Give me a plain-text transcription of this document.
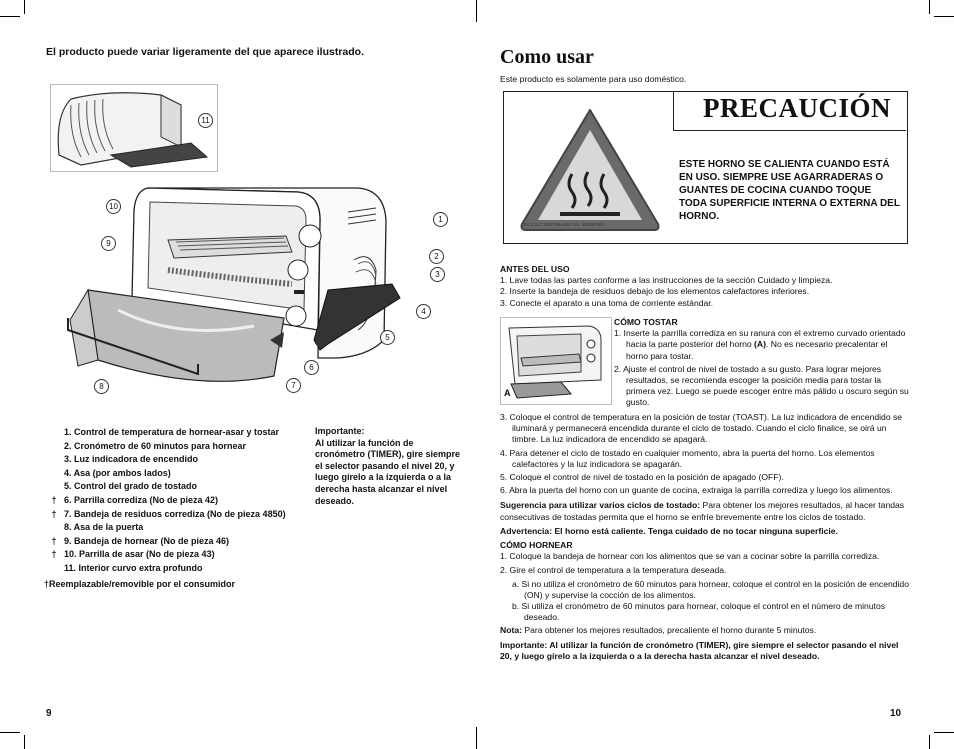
El producto puede variar ligeramente del que aparece ilustrado.
11
10
9
1
2
3
4
5
6
7
8
1. Control de temperatura de hornear-asar y tostar
2. Cronómetro de 60 minutos para hornear
3. Luz indicadora de encendido
4. Asa (por ambos lados)
5. Control del grado de tostado
† 6. Parrilla corrediza (No de pieza 42)
† 7. Bandeja de residuos corrediza (No de pieza 4850)
8. Asa de la puerta
† 9. Bandeja de hornear (No de pieza 46)
† 10. Parrilla de asar (No de pieza 43)
11. Interior curvo extra profundo
†Reemplazable/removible por el consumidor
Importante:
Al utilizar la función de cronómetro (TIMER), gire siempre el selector pasando el nivel 20, y luego gírelo a la izquierda o a la derecha hasta alcanzar el nivel deseado.
9
Como usar
Este producto es solamente para uso doméstico.
PRECAUCIÓN
ESTE HORNO SE CALIENTA CUANDO ESTÁ EN USO. SIEMPRE USE AGARRADERAS O GUANTES DE COCINA CUANDO TOQUE TODA SUPERFICIE INTERNA O EXTERNA DEL HORNO.
ECS LLC 800-766-5201 No. 40508 REV
ANTES DEL USO
1. Lave todas las partes conforme a las instrucciones de la sección Cuidado y limpieza.
2. Inserte la bandeja de residuos debajo de los elementos calefactores inferiores.
3. Conecte el aparato a una toma de corriente estándar.
A
CÓMO TOSTAR
1. Inserte la parrilla corrediza en su ranura con el extremo curvado orientado hacia la parte posterior del horno (A). No es necesario precalentar el horno para tostar.
2. Ajuste el control de nivel de tostado a su gusto. Para lograr mejores resultados, se recomienda escoger la posición media para tostar la primera vez. Luego se puede escoger entre más pálido u oscuro según su gusto.
3. Coloque el control de temperatura en la posición de tostar (TOAST). La luz indicadora de encendido se iluminará y permanecerá encendida durante el ciclo de tostado. Cuando el ciclo finalice, se oirá un timbre. La luz indicadora de encendido se apagará.
4. Para detener el ciclo de tostado en cualquier momento, abra la puerta del horno. Los elementos calefactores y la luz indicadora se apagarán.
5. Coloque el control de nivel de tostado en la posición de apagado (OFF).
6. Abra la puerta del horno con un guante de cocina, extraiga la parrilla corrediza y luego los alimentos.
Sugerencia para utilizar varios ciclos de tostado: Para obtener los mejores resultados, al hacer tandas consecutivas de tostadas permita que el horno se enfríe brevemente entre los ciclos de tostado.
Advertencia: El horno está caliente. Tenga cuidado de no tocar ninguna superficie.
CÓMO HORNEAR
1. Coloque la bandeja de hornear con los alimentos que se van a cocinar sobre la parrilla corrediza.
2. Gire el control de temperatura a la temperatura deseada.
a. Si no utiliza el cronómetro de 60 minutos para hornear, coloque el control en la posición de encendido (ON) y supervise la cocción de los alimentos.
b. Si utiliza el cronómetro de 60 minutos para hornear, coloque el control en el número de minutos deseado.
Nota: Para obtener los mejores resultados, precaliente el horno durante 5 minutos.
Importante: Al utilizar la función de cronómetro (TIMER), gire siempre el selector pasando el nivel 20, y luego gírelo a la izquierda o a la derecha hasta alcanzar el nivel deseado.
10
